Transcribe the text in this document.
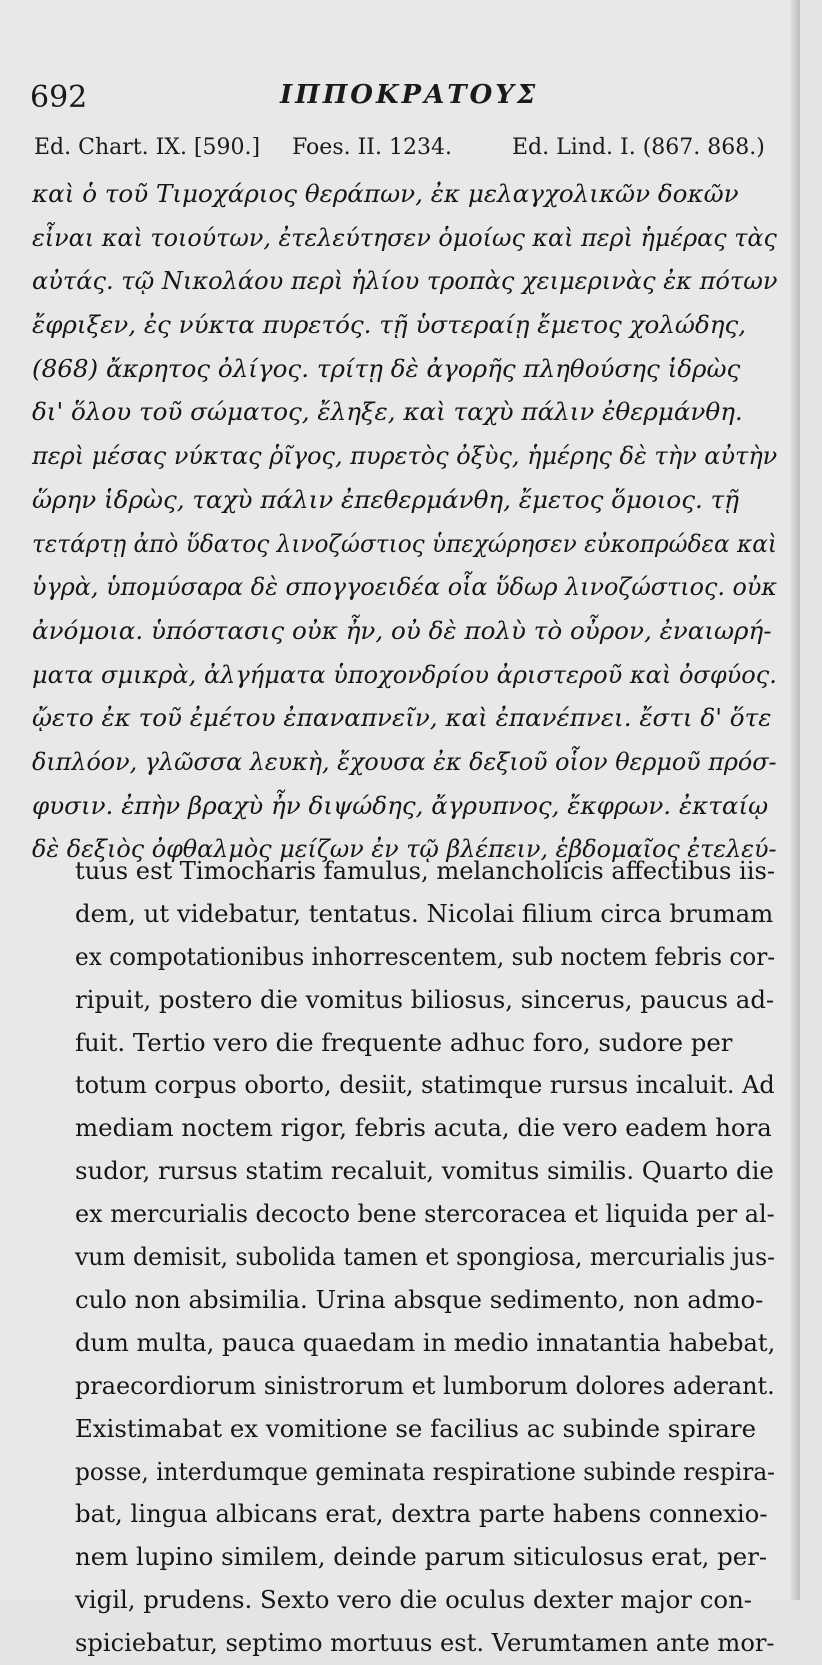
692	ΙΠΠΟΚΡΑΤΟΥΣ
Ed. Chart. IX. [590.] Foes. II. 1234.	Ed. Lind. I. (867. 868.)
καὶ ὁ τοῦ Τιμοχάριος θεράπων, ἐκ μελαγχολικῶν δοκῶν
εἶναι καὶ τοιούτων, ἐτελεύτησεν ὁμοίως καὶ περὶ ἡμέρας τὰς αὐτάς. τῷ Νικολάου περὶ ἡλίου τροπὰς χειμερινὰς ἐκ πότων
ἔφριξεν, ἐς νύκτα πυρετός. τῇ ὑστεραίῃ ἔμετος χολώδης,
(868) ἄκρητος ὀλίγος. τρίτῃ δὲ ἀγορῆς πληθούσης ἱδρὼς
δι' ὅλου τοῦ σώματος, ἔληξε, καὶ ταχὺ πάλιν ἐθερμάνθη.
περὶ μέσας νύκτας ῥῖγος, πυρετὸς ὀξὺς, ἡμέρης δὲ τὴν αὐτὴν
ὥρην ἱδρὼς, ταχὺ πάλιν ἐπεθερμάνθη, ἔμετος ὅμοιος. τῇ
τετάρτῃ ἀπὸ ὕδατος λινοζώστιος ὑπεχώρησεν εὐκοπρώδεα καὶ ὑγρὰ, ὑπομύσαρα δὲ σπογγοειδέα οἷα ὕδωρ λινοζώστιος. οὐκ
ἀνόμοια. ὑπόστασις οὐκ ἦν, οὐ δὲ πολὺ τὸ οὖρον, ἐναιωρή-
ματα σμικρὰ, ἀλγήματα ὑποχονδρίου ἀριστεροῦ καὶ ὀσφύος.
ᾤετο ἐκ τοῦ ἐμέτου ἐπαναπνεῖν, καὶ ἐπανέπνει. ἔστι δ' ὅτε
διπλόον, γλῶσσα λευκὴ, ἔχουσα ἐκ δεξιοῦ οἷον θερμοῦ πρόσ-
φυσιν. ἐπὴν βραχὺ ἦν διψώδης, ἄγρυπνος, ἔκφρων. ἐκταίῳ
δὲ δεξιὸς ὀφθαλμὸς μείζων ἐν τῷ βλέπειν, ἑβδομαῖος ἐτελεύ-
tuus est Timocharis famulus, melancholicis affectibus iis-
dem, ut videbatur, tentatus. Nicolai filium circa brumam
ex compotationibus inhorrescentem, sub noctem febris cor-
ripuit, postero die vomitus biliosus, sincerus, paucus ad-
fuit. Tertio vero die frequente adhuc foro, sudore per
totum corpus oborto, desiit, statimque rursus incaluit. Ad
mediam noctem rigor, febris acuta, die vero eadem hora
sudor, rursus statim recaluit, vomitus similis. Quarto die
ex mercurialis decocto bene stercoracea et liquida per al- vum demisit, subolida tamen et spongiosa, mercurialis jus-
culo non absimilia. Urina absque sedimento, non admo-
dum multa, pauca quaedam in medio innatantia habebat, praecordiorum sinistrorum et lumborum dolores aderant.
Existimabat ex vomitione se facilius ac subinde spirare
posse, interdumque geminata respiratione subinde respira-
bat, lingua albicans erat, dextra parte habens connexio-
nem lupino similem, deinde parum siticulosus erat, per-
vigil, prudens. Sexto vero die oculus dexter major con-
spiciebatur, septimo mortuus est. Verumtamen ante mor-
